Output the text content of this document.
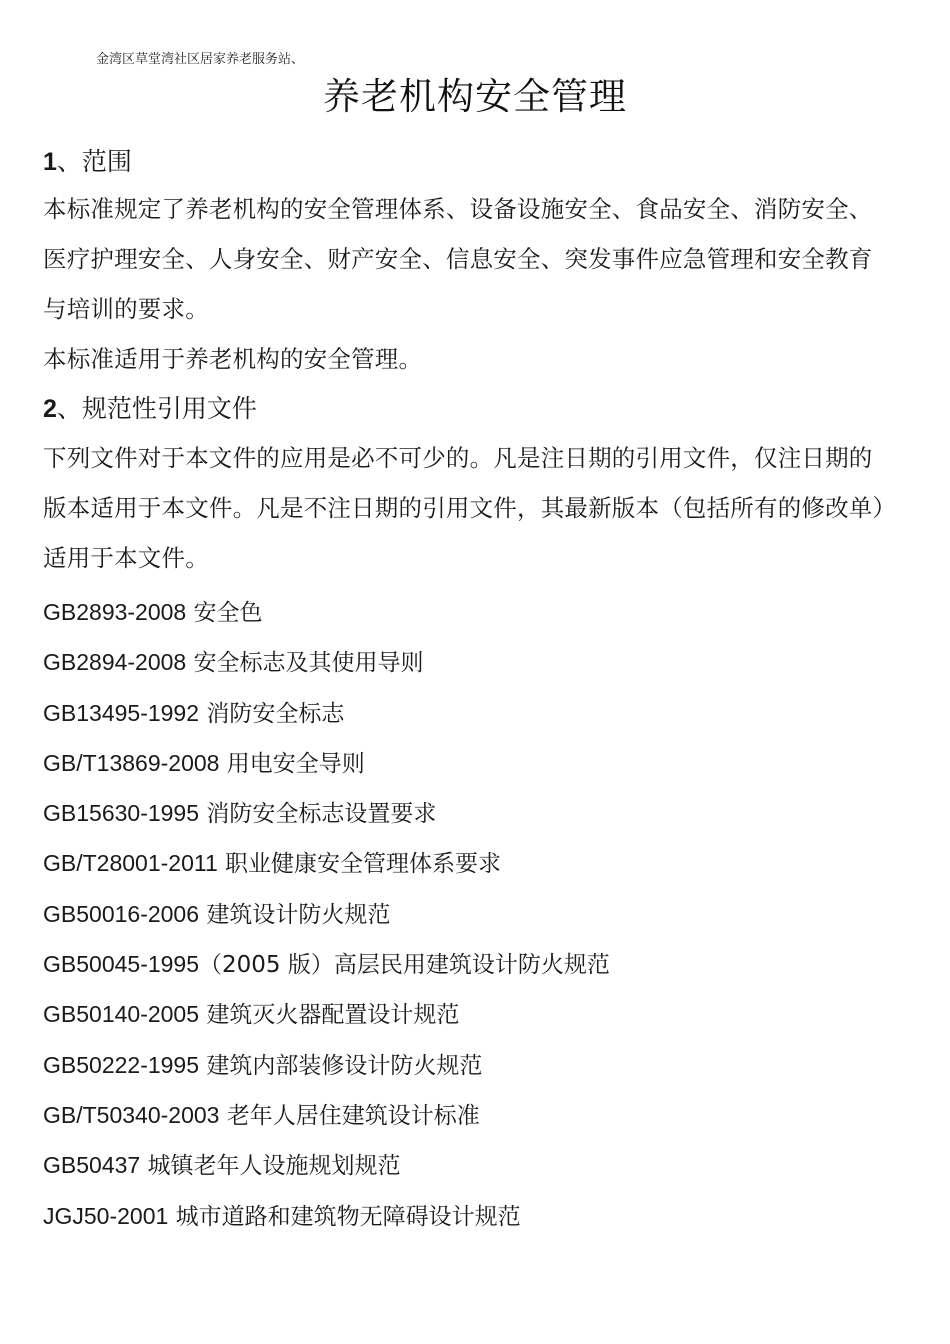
金湾区草堂湾社区居家养老服务站、
养老机构安全管理
1、范围

本标准规定了养老机构的安全管理体系、设备设施安全、食品安全、消防安全、医疗护理安全、人身安全、财产安全、信息安全、突发事件应急管理和安全教育与培训的要求。

本标准适用于养老机构的安全管理。

2、规范性引用文件

下列文件对于本文件的应用是必不可少的。凡是注日期的引用文件，仅注日期的版本适用于本文件。凡是不注日期的引用文件，其最新版本（包括所有的修改单）适用于本文件。

GB2893-2008 安全色
GB2894-2008 安全标志及其使用导则
GB13495-1992 消防安全标志
GB/T13869-2008 用电安全导则
GB15630-1995 消防安全标志设置要求
GB/T28001-2011 职业健康安全管理体系要求
GB50016-2006 建筑设计防火规范
GB50045-1995（2005 版）高层民用建筑设计防火规范
GB50140-2005 建筑灭火器配置设计规范
GB50222-1995 建筑内部装修设计防火规范
GB/T50340-2003 老年人居住建筑设计标准
GB50437 城镇老年人设施规划规范
JGJ50-2001 城市道路和建筑物无障碍设计规范
